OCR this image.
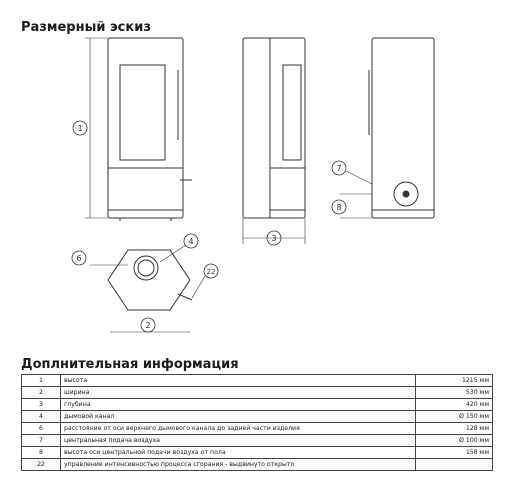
Размерный эскиз
1
2
3
4
6
7
8
22
Доплнительная информация
1	высота	1215 мм
2	ширина	530 мм
3	глубина	420 мм
4	дымовой канал	Ø 150 мм
6	расстояние от оси верхнего дымового канала до задней части изделия	128 мм
7	центральная подача воздуха	Ø 100 мм
8	высота оси центральной подачи воздуха от пола	158 мм
22	управление интенсивностью процесса сгорания - выдвинуто открыто	
